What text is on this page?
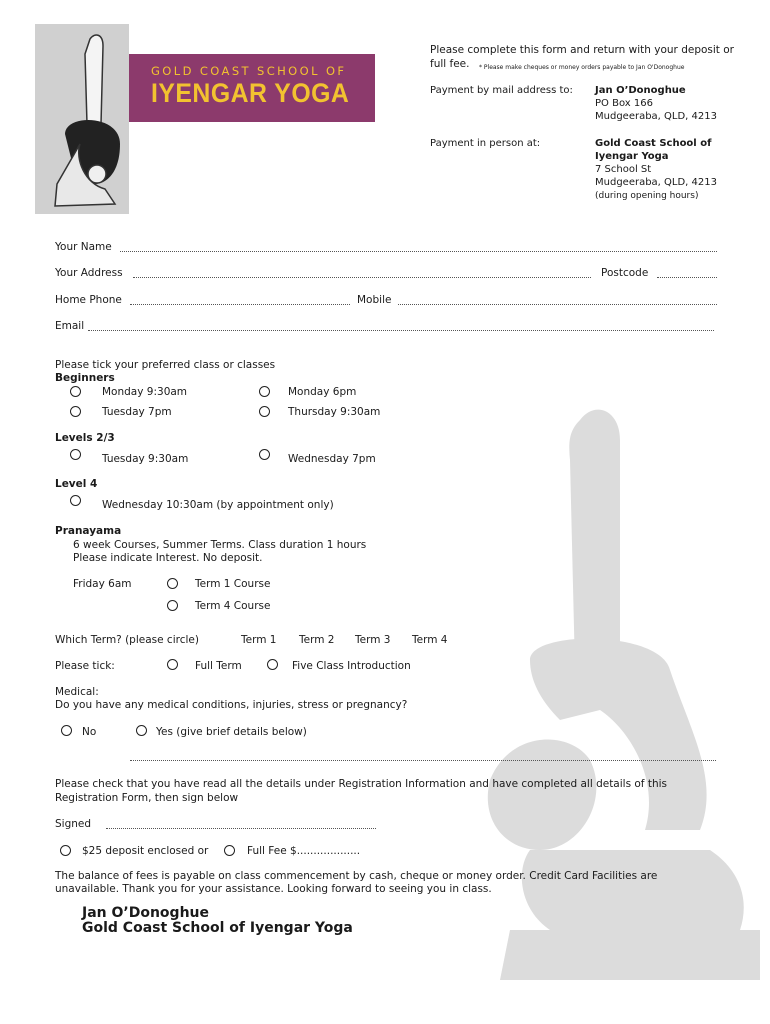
GOLD COAST SCHOOL OF
IYENGAR YOGA
Please complete this form and return with your deposit or
full fee. * Please make cheques or money orders payable to Jan O'Donoghue
Payment by mail address to: Jan O’Donoghue
PO Box 166
Mudgeeraba, QLD, 4213
Payment in person at:	Gold Coast School of
Iyengar Yoga
7 School St
Mudgeeraba, QLD, 4213
(during opening hours)
Your Name
Your Address	Postcode
Home Phone	Mobile
Email
Please tick your preferred class or classes
Beginners
Monday 9:30am	Monday 6pm
Tuesday 7pm	Thursday 9:30am
Levels 2/3
Tuesday 9:30am	Wednesday 7pm
Level 4
Wednesday 10:30am (by appointment only)
Pranayama
6 week Courses, Summer Terms. Class duration 1 hours
Please indicate Interest. No deposit.
Friday 6am	Term 1 Course
Term 4 Course
Which Term? (please circle)	Term 1 Term 2 Term 3 Term 4
Please tick:	Full Term	Five Class Introduction
Medical:
Do you have any medical conditions, injuries, stress or pregnancy?
No	Yes (give brief details below)
Please check that you have read all the details under Registration Information and have completed all details of this
Registration Form, then sign below
Signed
$25 deposit enclosed or	Full Fee $...................
The balance of fees is payable on class commencement by cash, cheque or money order. Credit Card Facilities are
unavailable. Thank you for your assistance. Looking forward to seeing you in class.
Jan O’Donoghue
Gold Coast School of Iyengar Yoga
